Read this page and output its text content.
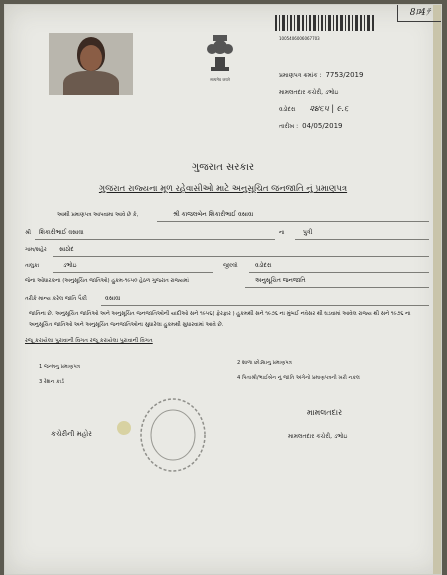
8ﾛ4ﾃ
सत्यमेव जयते
1005406006067703
પ્રમાણપત્ર ક્રમાંક : 7753/2019
મામલતદાર કચેરી, ડભોઇ
વડોદરા ૨૪૬૫ | ૯.૬
તારીખ : 04/05/2019
ગુજરાત સરકાર
ગુજરાત રાજ્યના મૂળ રહેવાસીઓ માટે અનુસૂચિત જનજાતિ નું પ્રમાણપત્ર
આથી પ્રમાણપત્ર આપવામા આવે છે કે,	શ્રી કાજલબેન શિકારીભાઈ વસાવા
શ્રી શિકારીભાઈ વસાવા	ના	પુત્રી
ગામ/શહેર સાઠોદ
તાલુકા	ડભોઇ	જીલ્લો	વડોદરા
જેના ઓધારકના (અનુસૂચિત જાતિઓ) હુકમ-૧૯૫૦ હેઠળ ગુજરાત રાજ્યમાં	અનુસૂચિત જનજાતિ
તરીકે માન્ય કરેલ જાતિ પૈકી	વસાવા
જાતિના છે. અનુસૂચિત જાતિઓ અને અનુસૂચિત જનજાતિઓની યાદીઓ સને ૧૯૫૬( ફેરફાર ) હુકમથી સને ૧૯૭૬ ના મુંબઈ નવેસર થી ઘડવામાં આવેલ રાજ્ય થી સને ૧૯૭૬ ના અનુસૂચિત જાતિઓ અને અનુસૂચિત જનજાતિઓના સુધારેલા હુકમથી સુધારવામાં આવે છે.
રજૂ કરાયેલા પુરાવાની વિગત રજૂ કરાયેલા પુરાવાની વિગત
1 જન્મનુ પ્રમાણપત્ર
2 શાળા છોડ્યાનુ પ્રમાણપત્ર
3 રેશન કાર્ડ
4 પિતાશ્રી/ભાઈબેન નું જાતિ અંગેનો પ્રમાણપત્રની ખરી નકલ
કચેરીની મહોર
મામલતદાર
મામલતદાર કચેરી, ડભોઇ
